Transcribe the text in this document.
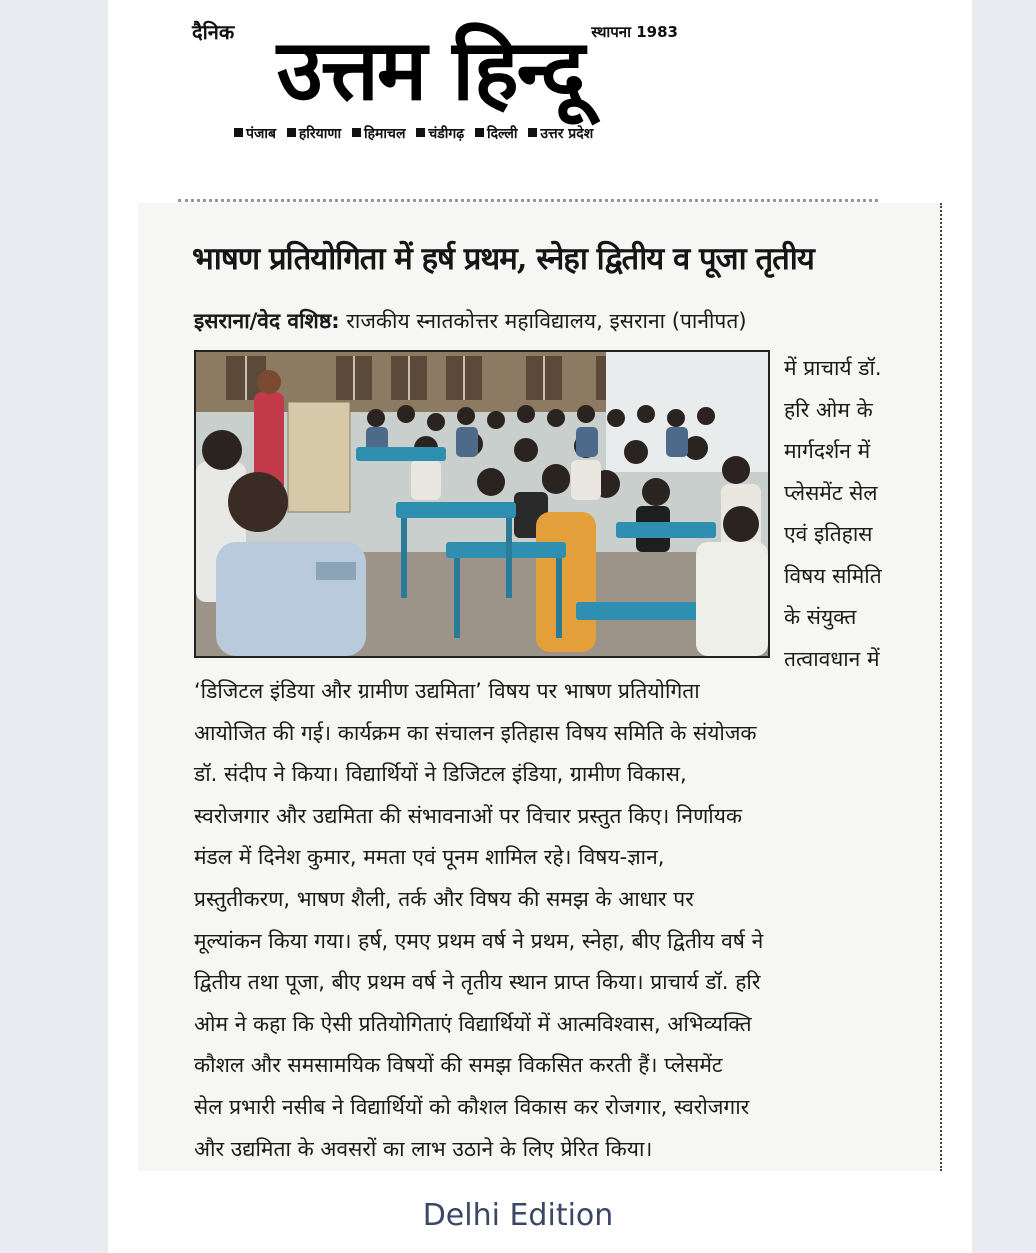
उत्तम हिन्दू
दैनिक	स्थापना 1983
पंजाब हरियाणा हिमाचल चंडीगढ़ दिल्ली उत्तर प्रदेश
भाषण प्रतियोगिता में हर्ष प्रथम, स्नेहा द्वितीय व पूजा तृतीय
इसराना/वेद वशिष्ठ: राजकीय स्नातकोत्तर महाविद्यालय, इसराना (पानीपत)
में प्राचार्य डॉ.
हरि ओम के
मार्गदर्शन में
प्लेसमेंट सेल
एवं इतिहास
विषय समिति
के संयुक्त
तत्वावधान में
‘डिजिटल इंडिया और ग्रामीण उद्यमिता’ विषय पर भाषण प्रतियोगिता
आयोजित की गई। कार्यक्रम का संचालन इतिहास विषय समिति के संयोजक
डॉ. संदीप ने किया। विद्यार्थियों ने डिजिटल इंडिया, ग्रामीण विकास,
स्वरोजगार और उद्यमिता की संभावनाओं पर विचार प्रस्तुत किए। निर्णायक
मंडल में दिनेश कुमार, ममता एवं पूनम शामिल रहे। विषय-ज्ञान,
प्रस्तुतीकरण, भाषण शैली, तर्क और विषय की समझ के आधार पर
मूल्यांकन किया गया। हर्ष, एमए प्रथम वर्ष ने प्रथम, स्नेहा, बीए द्वितीय वर्ष ने
द्वितीय तथा पूजा, बीए प्रथम वर्ष ने तृतीय स्थान प्राप्त किया। प्राचार्य डॉ. हरि
ओम ने कहा कि ऐसी प्रतियोगिताएं विद्यार्थियों में आत्मविश्वास, अभिव्यक्ति
कौशल और समसामयिक विषयों की समझ विकसित करती हैं। प्लेसमेंट
सेल प्रभारी नसीब ने विद्यार्थियों को कौशल विकास कर रोजगार, स्वरोजगार
और उद्यमिता के अवसरों का लाभ उठाने के लिए प्रेरित किया।
Delhi Edition
